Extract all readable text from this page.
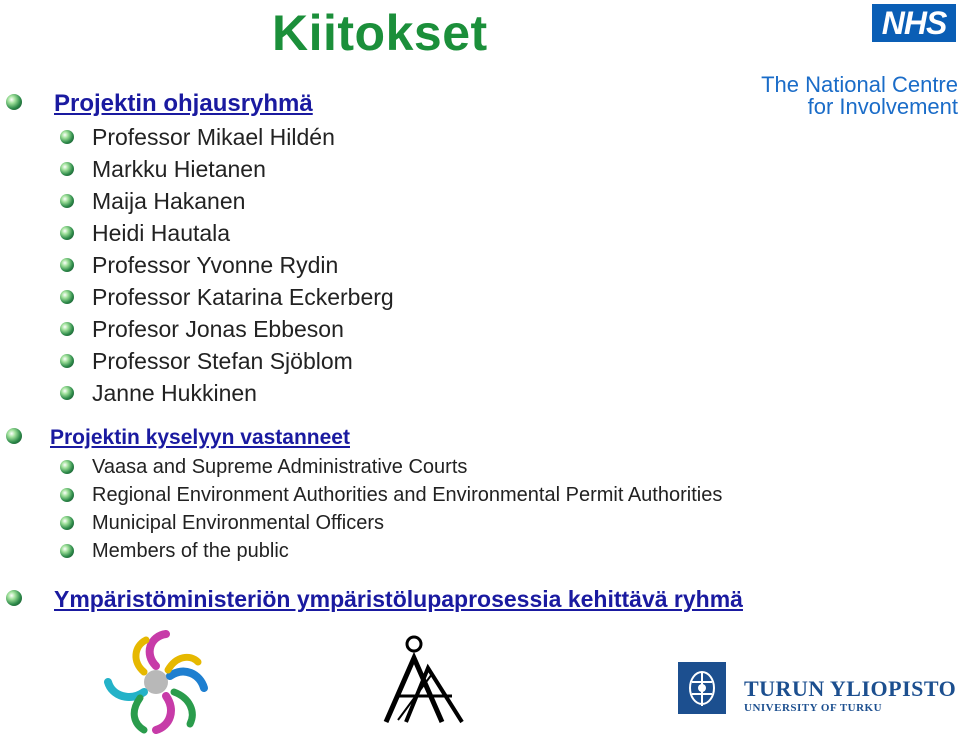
Kiitokset	NHS
The National Centre
for Involvement
Projektin ohjausryhmä
Professor Mikael Hildén
Markku Hietanen
Maija Hakanen
Heidi Hautala
Professor Yvonne Rydin
Professor Katarina Eckerberg
Profesor Jonas Ebbeson
Professor Stefan Sjöblom
Janne Hukkinen
Projektin kyselyyn vastanneet
Vaasa and Supreme Administrative Courts
Regional Environment Authorities and Environmental Permit Authorities
Municipal Environmental Officers
Members of the public
Ympäristöministeriön ympäristölupaprosessia kehittävä ryhmä
TURUN YLIOPISTO
UNIVERSITY OF TURKU
